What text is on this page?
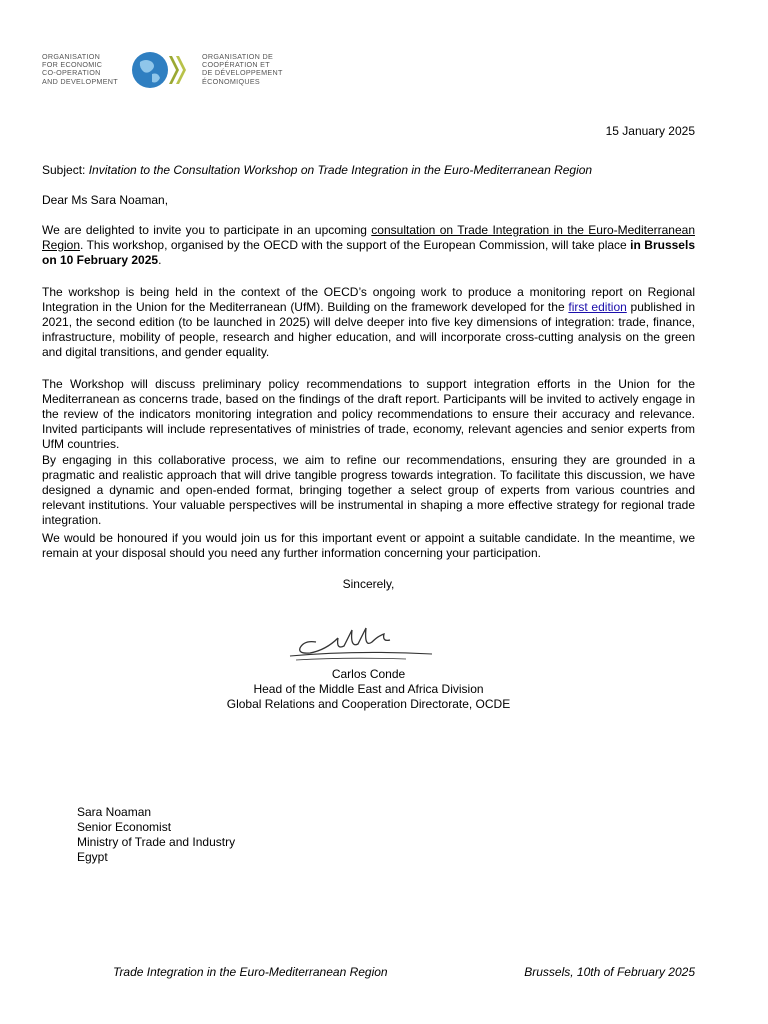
ORGANISATION
FOR ECONOMIC
CO-OPERATION
AND DEVELOPMENT
ORGANISATION DE
COOPÉRATION ET
DE DÉVELOPPEMENT
ÉCONOMIQUES
15 January 2025
Subject: Invitation to the Consultation Workshop on Trade Integration in the Euro-Mediterranean Region
Dear Ms Sara Noaman,
We are delighted to invite you to participate in an upcoming consultation on Trade Integration in the Euro-Mediterranean Region. This workshop, organised by the OECD with the support of the European Commission, will take place in Brussels on 10 February 2025.
The workshop is being held in the context of the OECD’s ongoing work to produce a monitoring report on Regional Integration in the Union for the Mediterranean (UfM). Building on the framework developed for the first edition published in 2021, the second edition (to be launched in 2025) will delve deeper into five key dimensions of integration: trade, finance, infrastructure, mobility of people, research and higher education, and will incorporate cross-cutting analysis on the green and digital transitions, and gender equality.
The Workshop will discuss preliminary policy recommendations to support integration efforts in the Union for the Mediterranean as concerns trade, based on the findings of the draft report. Participants will be invited to actively engage in the review of the indicators monitoring integration and policy recommendations to ensure their accuracy and relevance. Invited participants will include representatives of ministries of trade, economy, relevant agencies and senior experts from UfM countries.
By engaging in this collaborative process, we aim to refine our recommendations, ensuring they are grounded in a pragmatic and realistic approach that will drive tangible progress towards integration. To facilitate this discussion, we have designed a dynamic and open-ended format, bringing together a select group of experts from various countries and relevant institutions. Your valuable perspectives will be instrumental in shaping a more effective strategy for regional trade integration.
We would be honoured if you would join us for this important event or appoint a suitable candidate. In the meantime, we remain at your disposal should you need any further information concerning your participation.
Sincerely,
Carlos Conde
Head of the Middle East and Africa Division
Global Relations and Cooperation Directorate, OCDE
Sara Noaman
Senior Economist
Ministry of Trade and Industry
Egypt
Trade Integration in the Euro-Mediterranean Region	Brussels, 10th of February 2025
